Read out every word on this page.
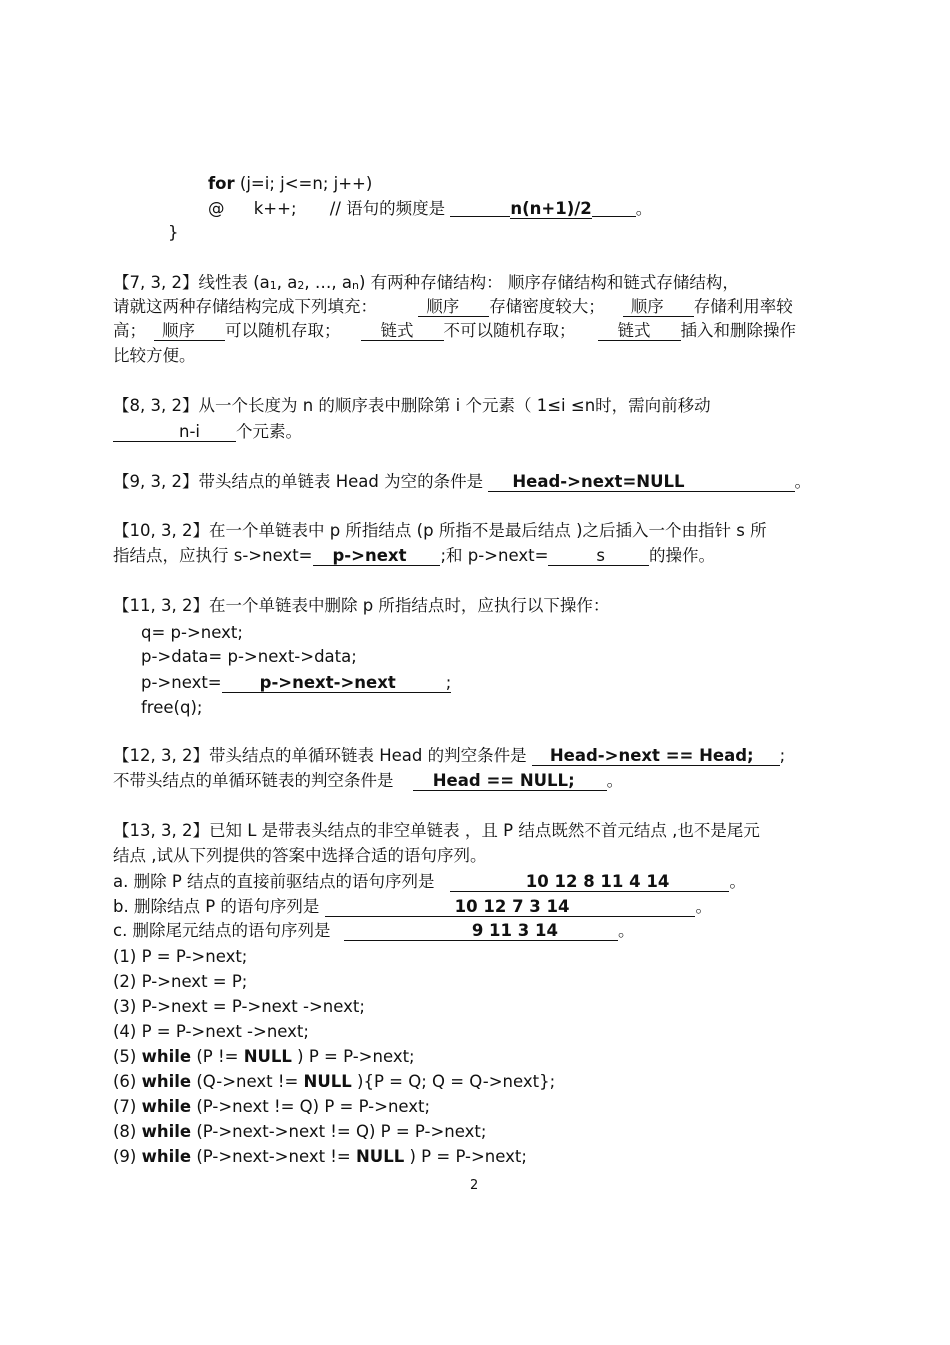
for (j=i; j<=n; j++)
@ k++; // 语句的频度是	n(n+1)/2	。
}
【7, 3, 2】线性表 (a1, a2, …, an) 有两种存储结构： 顺序存储结构和链式存储结构，
请就这两种存储结构完成下列填充：	顺序 存储密度较大； 顺序 存储利用率较
高； 顺序 可以随机存取； 链式 不可以随机存取；	链式 插入和删除操作
比较方便。
【8, 3, 2】从一个长度为 n 的顺序表中删除第 i 个元素（ 1≤i ≤n时，需向前移动
n-i 个元素。
【9, 3, 2】带头结点的单链表 Head 为空的条件是 Head->next=NULL	。
【10, 3, 2】在一个单链表中 p 所指结点 (p 所指不是最后结点 )之后插入一个由指针 s 所
指结点，应执行 s->next= p->next ;和 p->next=	s	的操作。
【11, 3, 2】在一个单链表中删除 p 所指结点时，应执行以下操作：
q= p->next;
p->data= p->next->data;
p->next= p->next->next	;
free(q);
【12, 3, 2】带头结点的单循环链表 Head 的判空条件是 Head->next == Head; ;
不带头结点的单循环链表的判空条件是 Head == NULL; 。
【13, 3, 2】已知 L 是带表头结点的非空单链表 ，且 P 结点既然不首元结点 ,也不是尾元
结点 ,试从下列提供的答案中选择合适的语句序列。
a. 删除 P 结点的直接前驱结点的语句序列是	10 12 8 11 4 14	。
b. 删除结点 P 的语句序列是	10 12 7 3 14	。
c. 删除尾元结点的语句序列是	9 11 3 14	。
(1) P = P->next;
(2) P->next = P;
(3) P->next = P->next ->next;
(4) P = P->next ->next;
(5) while (P != NULL ) P = P->next;
(6) while (Q->next != NULL ){P = Q; Q = Q->next};
(7) while (P->next != Q) P = P->next;
(8) while (P->next->next != Q) P = P->next;
(9) while (P->next->next != NULL ) P = P->next;
2
